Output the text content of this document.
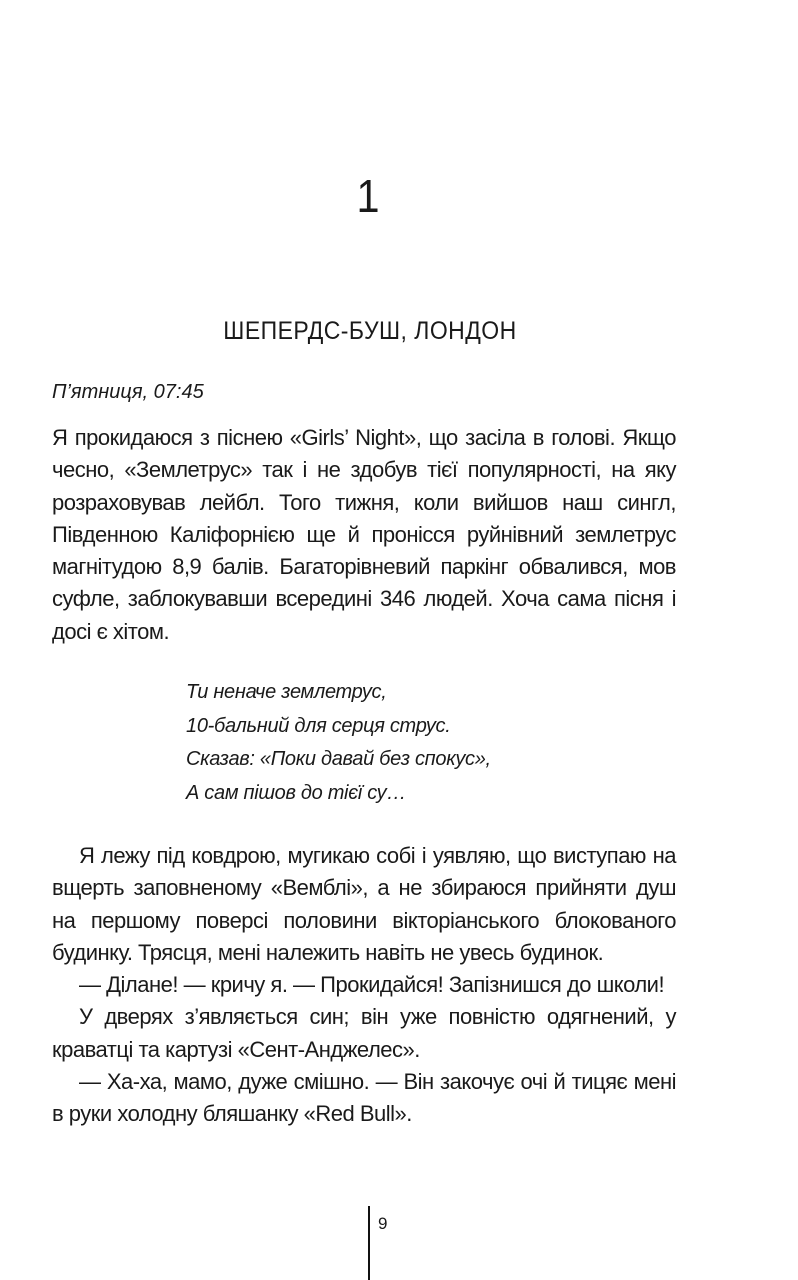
1
ШЕПЕРДС-БУШ, ЛОНДОН
П’ятниця, 07:45

Я прокидаюся з піснею «Girls’ Night», що засіла в голові. Якщо чесно, «Землетрус» так і не здобув тієї популярності, на яку розраховував лейбл. Того тижня, коли вийшов наш сингл, Південною Каліфорнією ще й пронісся руйнівний землетрус магнітудою 8,9 балів. Багаторівневий паркінг обвалився, мов суфле, заблокувавши всередині 346 людей. Хоча сама пісня і досі є хітом.

Ти неначе землетрус,
10-бальний для серця струс.
Сказав: «Поки давай без спокус»,
А сам пішов до тієї су…

Я лежу під ковдрою, мугикаю собі і уявляю, що виступаю на вщерть заповненому «Вемблі», а не збираюся прийняти душ на першому поверсі половини вікторіанського блокованого будинку. Трясця, мені належить навіть не увесь будинок.

— Ділане! — кричу я. — Прокидайся! Запізнишся до школи!

У дверях з’являється син; він уже повністю одягнений, у краватці та картузі «Сент-Анджелес».

— Ха-ха, мамо, дуже смішно. — Він закочує очі й тицяє мені в руки холодну бляшанку «Red Bull».

9
